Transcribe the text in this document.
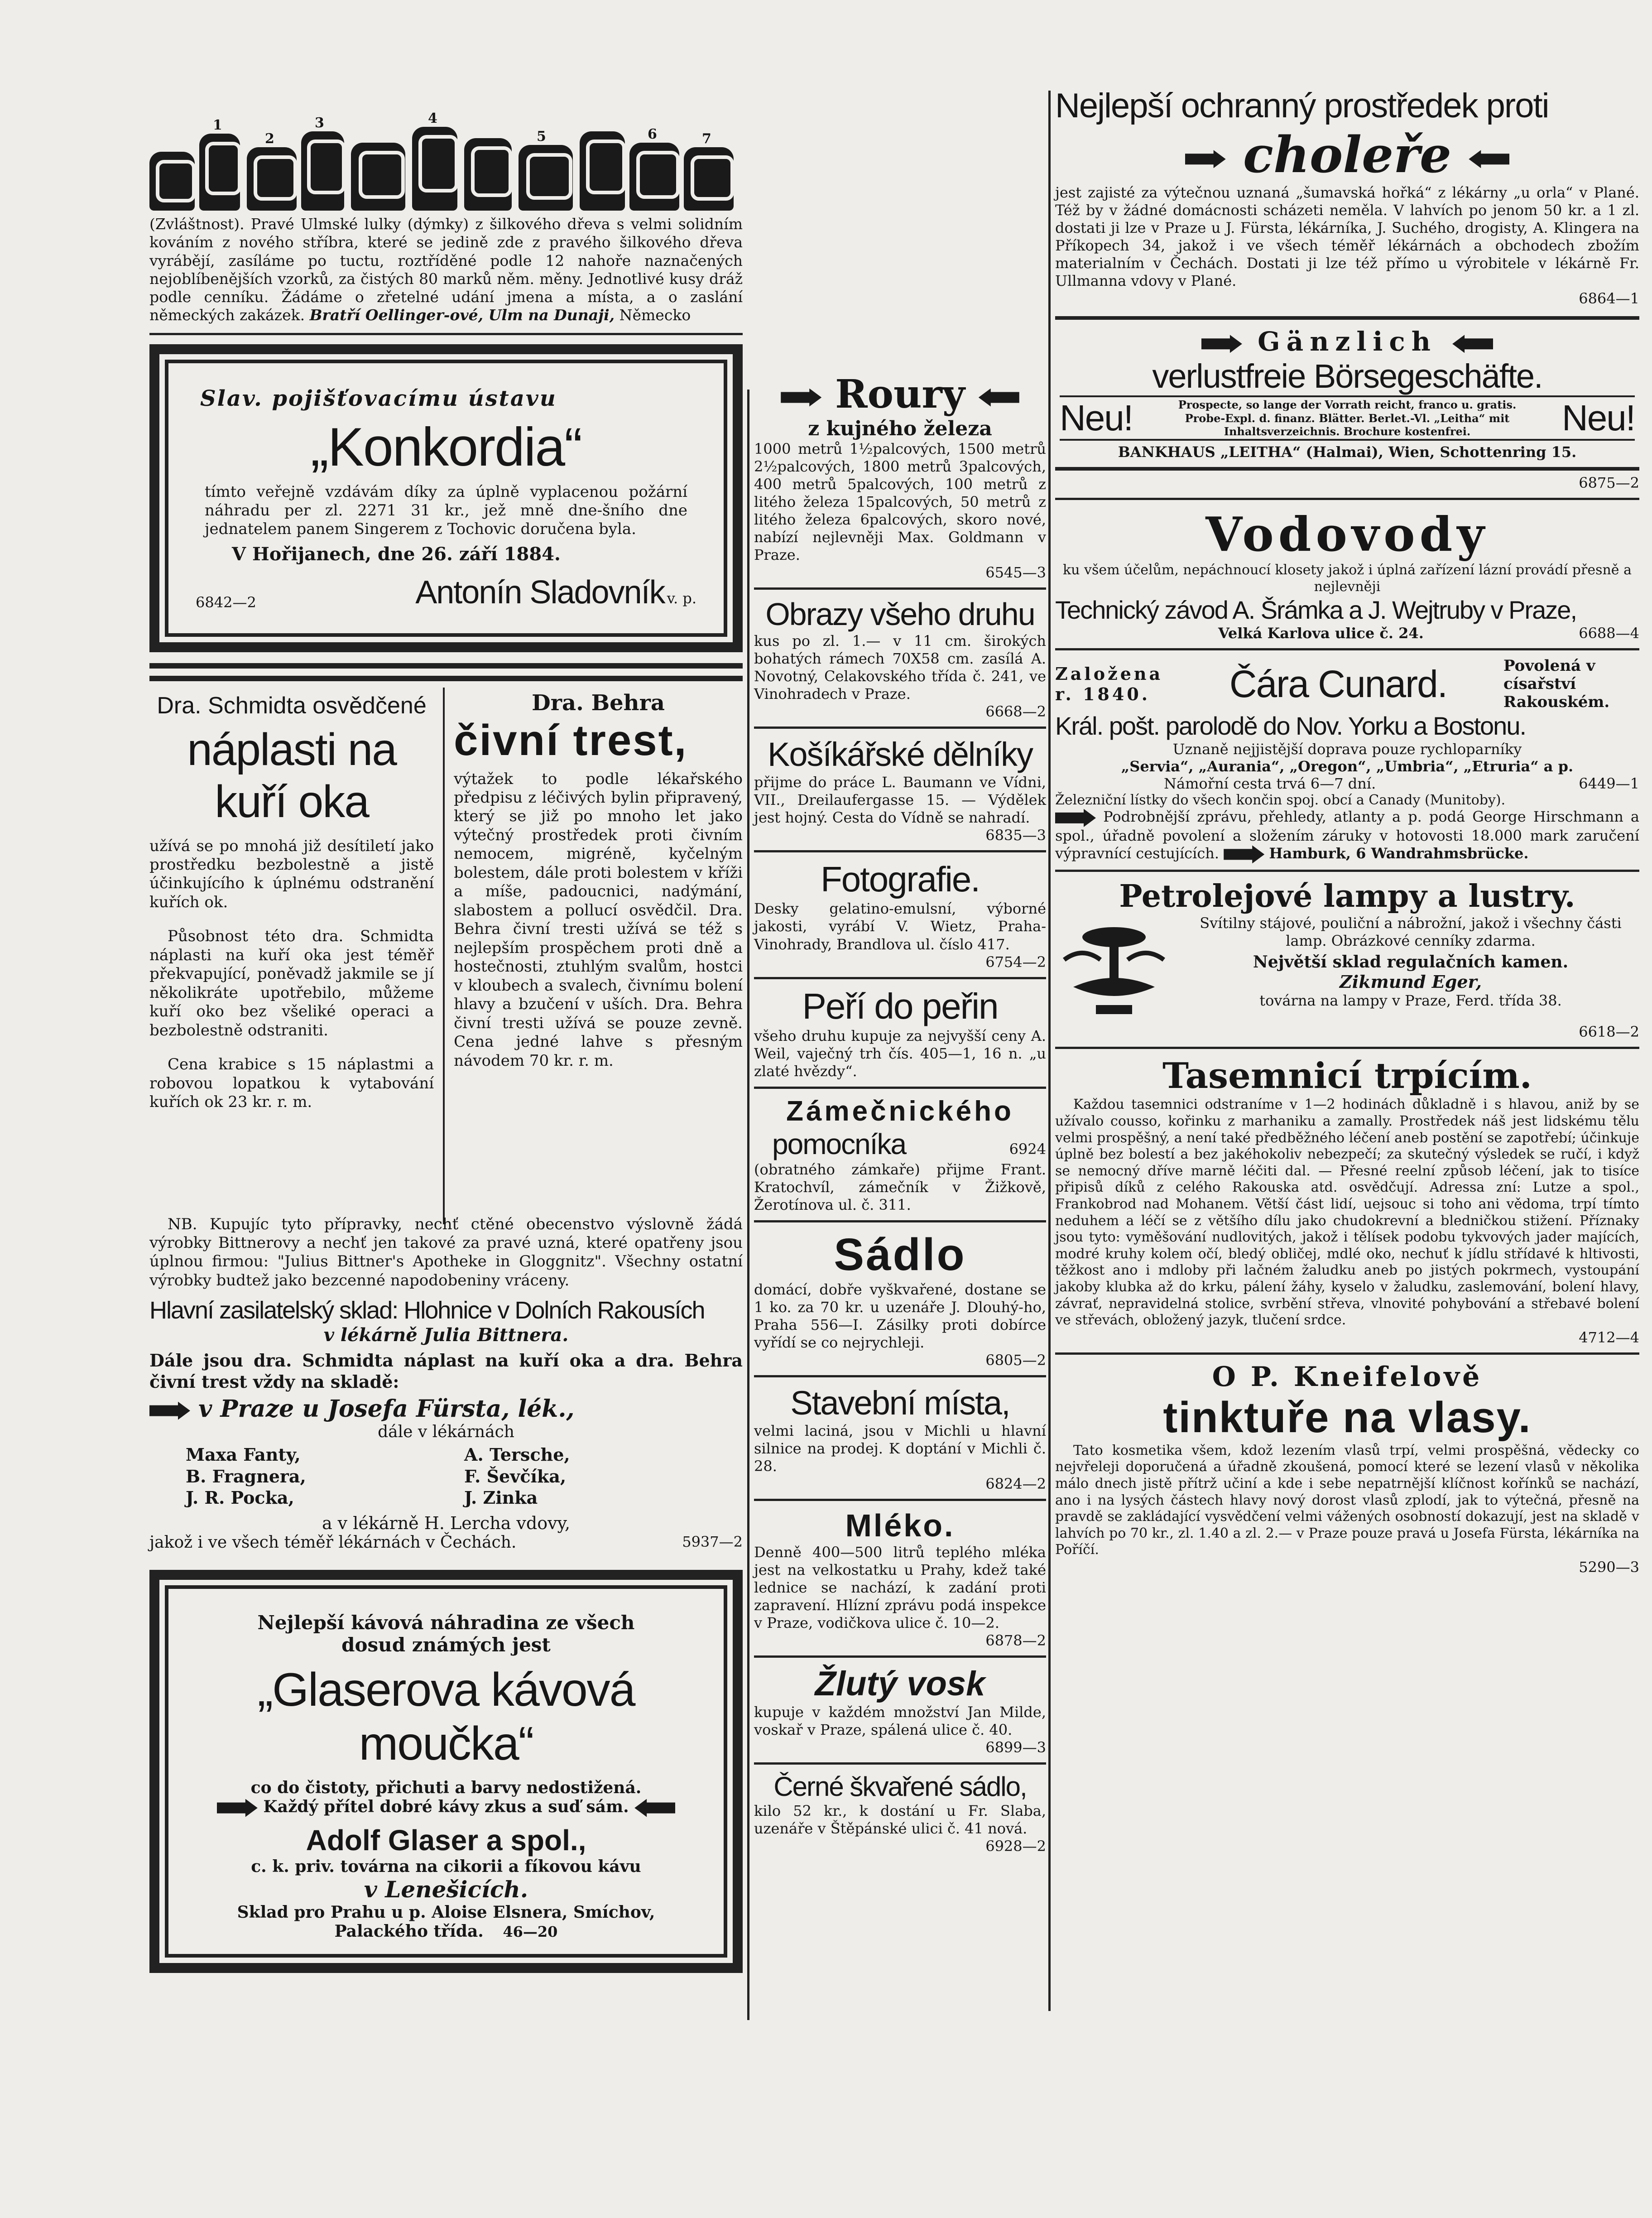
1
2
3	4
5	6	7
(Zvláštnost). Pravé Ulmské lulky (dýmky) z šilkového dřeva s velmi solidním kováním z nového stříbra, které se jedině zde z pravého šilkového dřeva vyrábějí, zasíláme po tuctu, roztříděné podle 12 nahoře naznačených nejoblíbenějších vzorků, za čistých 80 marků něm. měny. Jednotlivé kusy dráž podle cenníku. Žádáme o zřetelné udání jmena a místa, a o zaslání německých zakázek. Bratří Oellinger-ové, Ulm na Dunaji, Německo
Slav. pojišťovacímu ústavu
„Konkordia“
tímto veřejně vzdávám díky za úplně vyplacenou požární náhradu per zl. 2271 31 kr., jež mně dne-šního dne jednatelem panem Singerem z Tochovic doručena byla.
V Hořijanech, dne 26. září 1884.
6842—2	Antonín Sladovník v. p.
Dra. Schmidta osvědčené
náplasti na kuří oka
užívá se po mnohá již desítiletí jako prostředku bezbolestně a jistě účinkujícího k úplnému odstranění kuřích ok.
Působnost této dra. Schmidta náplasti na kuří oka jest téměř překvapující, poněvadž jakmile se jí několikráte upotřebilo, můžeme kuří oko bez všeliké operaci a bezbolestně odstraniti.
Cena krabice s 15 náplastmi a robovou lopatkou k vytabování kuřích ok 23 kr. r. m.
Dra. Behra
čivní trest,
výtažek to podle lékařského předpisu z léčivých bylin připravený, který se již po mnoho let jako výtečný prostředek proti čivním nemocem, migréně, kyčelným bolestem, dále proti bolestem v kříži a míše, padoucnici, nadýmání, slabostem a pollucí osvědčil. Dra. Behra čivní tresti užívá se též s nejlepším prospěchem proti dně a hostečnosti, ztuhlým svalům, hostci v kloubech a svalech, čivnímu bolení hlavy a bzučení v uších. Dra. Behra čivní tresti užívá se pouze zevně. Cena jedné lahve s přesným návodem 70 kr. r. m.
NB. Kupujíc tyto přípravky, nechť ctěné obecenstvo výslovně žádá výrobky Bittnerovy a nechť jen takové za pravé uzná, které opatřeny jsou úplnou firmou: "Julius Bittner's Apotheke in Gloggnitz". Všechny ostatní výrobky budtež jako bezcenné napodobeniny vráceny.
Hlavní zasilatelský sklad: Hlohnice v Dolních Rakousích
v lékárně Julia Bittnera.
Dále jsou dra. Schmidta náplast na kuří oka a dra. Behra čivní trest vždy na skladě:
v Praze u Josefa Fürsta, lék.,
dále v lékárnách
Maxa Fanty,	A. Tersche,
B. Fragnera,	F. Ševčíka,
J. R. Pocka,	J. Zinka
a v lékárně H. Lercha vdovy,
jakož i ve všech téměř lékárnách v Čechách.	5937—2
Nejlepší kávová náhradina ze všech
dosud známých jest
„Glaserova kávová moučka“
co do čistoty, přichuti a barvy nedostižená.
Každý přítel dobré kávy zkus a suď sám.
Adolf Glaser a spol.,
c. k. priv. továrna na cikorii a fíkovou kávu
v Lenešicích.
Sklad pro Prahu u p. Aloise Elsnera, Smíchov, Palackého třída. 46—20
Roury
z kujného železa
1000 metrů 1½palcových, 1500 metrů 2½palcových, 1800 metrů 3palcových, 400 metrů 5palcových, 100 metrů z litého železa 15palcových, 50 metrů z litého železa 6palcových, skoro nové, nabízí nejlevněji Max. Goldmann v Praze.
6545—3
Obrazy všeho druhu
kus po zl. 1.— v 11 cm. širokých bohatých rámech 70X58 cm. zasílá A. Novotný, Celakovského třída č. 241, ve Vinohradech v Praze.
6668—2
Košíkářské dělníky
přijme do práce L. Baumann ve Vídni, VII., Dreilaufergasse 15. — Výdělek jest hojný. Cesta do Vídně se nahradí.
6835—3
Fotografie.
Desky gelatino-emulsní, výborné jakosti, vyrábí V. Wietz, Praha-Vinohrady, Brandlova ul. číslo 417.
6754—2
Peří do peřin
všeho druhu kupuje za nejvyšší ceny A. Weil, vaječný trh čís. 405—1, 16 n. „u zlaté hvězdy“.
Zámečnického
pomocníka	6924
(obratného zámkaře) přijme Frant. Kratochvíl, zámečník v Žižkově, Žerotínova ul. č. 311.
Sádlo
domácí, dobře vyškvařené, dostane se 1 ko. za 70 kr. u uzenáře J. Dlouhý-ho, Praha 556—I. Zásilky proti dobírce vyřídí se co nejrychleji.
6805—2
Stavební místa,
velmi laciná, jsou v Michli u hlavní silnice na prodej. K doptání v Michli č. 28.
6824—2
Mléko.
Denně 400—500 litrů teplého mléka jest na velkostatku u Prahy, kdež také lednice se nachází, k zadání proti zapravení. Hlízní zprávu podá inspekce v Praze, vodičkova ulice č. 10—2.
6878—2
Žlutý vosk
kupuje v každém množství Jan Milde, voskař v Praze, spálená ulice č. 40.
6899—3
Černé škvařené sádlo,
kilo 52 kr., k dostání u Fr. Slaba, uzenáře v Štěpánské ulici č. 41 nová.
6928—2
Nejlepší ochranný prostředek proti
choleře
jest zajisté za výtečnou uznaná „šumavská hořká“ z lékárny „u orla“ v Plané. Též by v žádné domácnosti scházeti neměla. V lahvích po jenom 50 kr. a 1 zl. dostati ji lze v Praze u J. Fürsta, lékárníka, J. Suchého, drogisty, A. Klingera na Příkopech 34, jakož i ve všech téměř lékárnách a obchodech zbožím materialním v Čechách. Dostati ji lze též přímo u výrobitele v lékárně Fr. Ullmanna vdovy v Plané.
6864—1
Gänzlich
verlustfreie Börsegeschäfte.
Neu!	Prospecte, so lange der Vorrath reicht, franco u. gratis.
Probe-Expl. d. finanz. Blätter. Berlet.-Vl. „Leitha“ mit Inhaltsverzeichnis. Brochure kostenfrei.	Neu!
BANKHAUS „LEITHA“ (Halmai), Wien, Schottenring 15.
6875—2
Vodovody
ku všem účelům, nepáchnoucí klosety jakož i úplná zařízení lázní provádí přesně a nejlevněji
Technický závod A. Šrámka a J. Wejtruby v Praze,
Velká Karlova ulice č. 24.	6688—4
Založena r. 1840.	Čára Cunard.	Povolená v císařství Rakouském.
Král. pošt. parolodě do Nov. Yorku a Bostonu.
Uznaně nejjistější doprava pouze rychloparníky
„Servia“, „Aurania“, „Oregon“, „Umbria“, „Etruria“ a p.
Námořní cesta trvá 6—7 dní.	6449—1
Železniční lístky do všech končin spoj. obcí a Canady (Munitoby).
Podrobnější zprávu, přehledy, atlanty a p. podá George Hirschmann a spol., úřadně povolení a složením záruky v hotovosti 18.000 mark zaručení výpravnící cestujících.	Hamburk, 6 Wandrahmsbrücke.
Petrolejové lampy a lustry.
Svítilny stájové, pouliční a nábrožní, jakož i všechny části lamp. Obrázkové cenníky zdarma.
Největší sklad regulačních kamen.
Zikmund Eger,
továrna na lampy v Praze, Ferd. třída 38.
6618—2
Tasemnicí trpícím.
Každou tasemnici odstraníme v 1—2 hodinách důkladně i s hlavou, aniž by se užívalo cousso, kořinku z marhaniku a zamally. Prostředek náš jest lidskému tělu velmi prospěšný, a není také předběžného léčení aneb postění se zapotřebí; účinkuje úplně bez bolestí a bez jakéhokoliv nebezpečí; za skutečný výsledek se ručí, i když se nemocný dříve marně léčiti dal. — Přesné reelní způsob léčení, jak to tisíce připisů díků z celého Rakouska atd. osvědčují. Adressa zní: Lutze a spol., Frankobrod nad Mohanem. Větší část lidí, uejsouc si toho ani vědoma, trpí tímto neduhem a léčí se z většího dílu jako chudokrevní a bledničkou stižení. Příznaky jsou tyto: vyměšování nudlovitých, jakož i tělísek podobu tykvových jader majících, modré kruhy kolem očí, bledý obličej, mdlé oko, nechuť k jídlu střídavé k hltivosti, těžkost ano i mdloby při lačném žaludku aneb po jistých pokrmech, vystoupání jakoby klubka až do krku, pálení žáhy, kyselo v žaludku, zaslemování, bolení hlavy, závrať, nepravidelná stolice, svrbění střeva, vlnovité pohybování a střebavé bolení ve střevách, obložený jazyk, tlučení srdce.
4712—4
O P. Kneifelově
tinktuře na vlasy.
Tato kosmetika všem, kdož lezením vlasů trpí, velmi prospěšná, vědecky co nejvřeleji doporučená a úřadně zkoušená, pomocí které se lezení vlasů v několika málo dnech jistě přítrž učiní a kde i sebe nepatrnější klíčnost kořínků se nachází, ano i na lysých částech hlavy nový dorost vlasů zplodí, jak to výtečná, přesně na pravdě se zakládající vysvědčení velmi vážených osobností dokazují, jest na skladě v lahvích po 70 kr., zl. 1.40 a zl. 2.— v Praze pouze pravá u Josefa Fürsta, lékárníka na Poříčí.
5290—3
